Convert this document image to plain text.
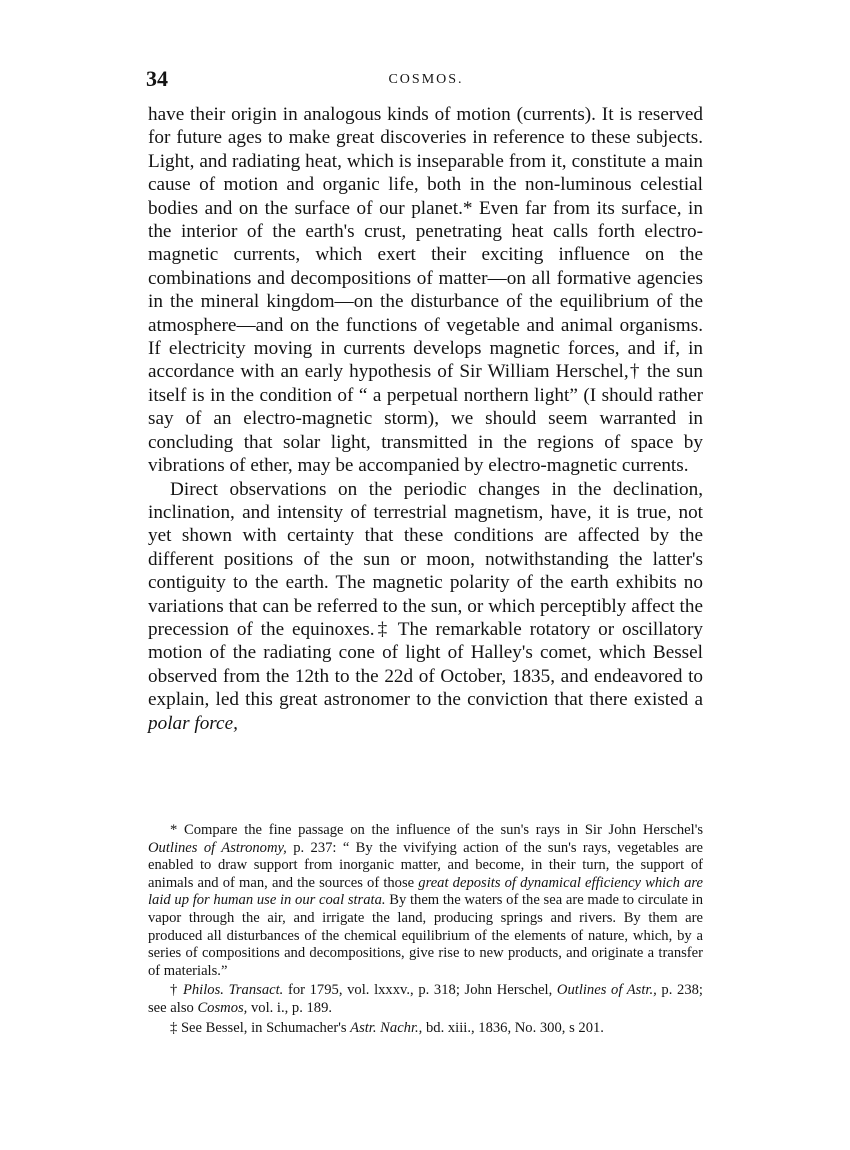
34	COSMOS.

have their origin in analogous kinds of motion (currents). It is reserved for future ages to make great discoveries in reference to these subjects. Light, and radiating heat, which is inseparable from it, constitute a main cause of motion and organic life, both in the non-luminous celestial bodies and on the surface of our planet.* Even far from its surface, in the interior of the earth's crust, penetrating heat calls forth electro-magnetic currents, which exert their exciting influence on the combinations and decompositions of matter—on all formative agencies in the mineral kingdom—on the disturbance of the equilibrium of the atmosphere—and on the functions of vegetable and animal organisms. If electricity moving in currents develops magnetic forces, and if, in accordance with an early hypothesis of Sir William Herschel,† the sun itself is in the condition of “ a perpetual northern light” (I should rather say of an electro-magnetic storm), we should seem warranted in concluding that solar light, transmitted in the regions of space by vibrations of ether, may be accompanied by electro-magnetic currents.

Direct observations on the periodic changes in the declination, inclination, and intensity of terrestrial magnetism, have, it is true, not yet shown with certainty that these conditions are affected by the different positions of the sun or moon, notwithstanding the latter's contiguity to the earth. The magnetic polarity of the earth exhibits no variations that can be referred to the sun, or which perceptibly affect the precession of the equinoxes.‡ The remarkable rotatory or oscillatory motion of the radiating cone of light of Halley's comet, which Bessel observed from the 12th to the 22d of October, 1835, and endeavored to explain, led this great astronomer to the conviction that there existed a polar force,

* Compare the fine passage on the influence of the sun's rays in Sir John Herschel's Outlines of Astronomy, p. 237: “ By the vivifying action of the sun's rays, vegetables are enabled to draw support from inorganic matter, and become, in their turn, the support of animals and of man, and the sources of those great deposits of dynamical efficiency which are laid up for human use in our coal strata. By them the waters of the sea are made to circulate in vapor through the air, and irrigate the land, producing springs and rivers. By them are produced all disturbances of the chemical equilibrium of the elements of nature, which, by a series of compositions and decompositions, give rise to new products, and originate a transfer of materials.”

† Philos. Transact. for 1795, vol. lxxxv., p. 318; John Herschel, Outlines of Astr., p. 238; see also Cosmos, vol. i., p. 189.

‡ See Bessel, in Schumacher's Astr. Nachr., bd. xiii., 1836, No. 300, s 201.
